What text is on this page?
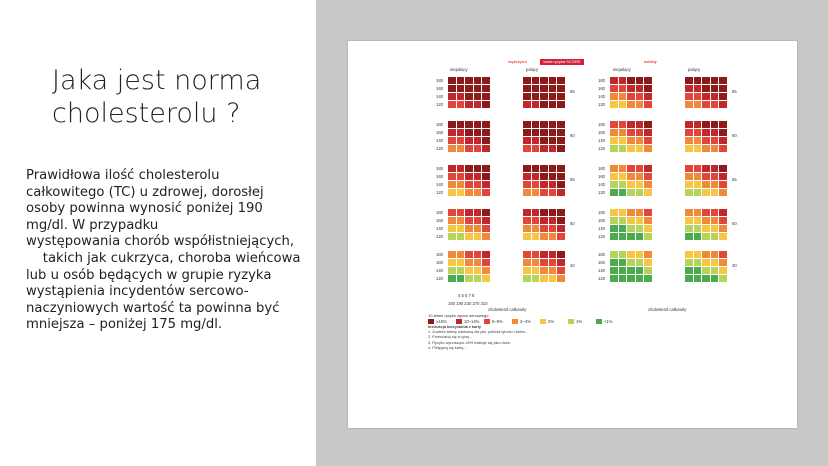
Jaka jest norma
cholesterolu ?
Prawidłowa ilość cholesterolu
całkowitego (TC) u zdrowej, dorosłej
osoby powinna wynosić poniżej 190
mg/dl. W przypadku
występowania chorób współistniejących,
takich jak cukrzyca, choroba wieńcowa
lub u osób będących w grupie ryzyka
wystąpienia incydentów sercowo-
naczyniowych wartość ta powinna być
mniejsza – poniżej 175 mg/dl.
mężczyźni	karta ryzyka SCORE	kobiety
niepalący	palący	niepalący	palący
65	65
180	180
160	160
140	140
120	120
60	60
180	180
160	160
140	140
120	120
55	55
180	180
160	160
140	140
120	120
50	50
180	180
160	160
140	140
120	120
40	40
180	180
160	160
140	140
120	120
4 5 6 7 8
150 190 230 270 310
cholesterol całkowity	cholesterol całkowity
10-letnie ryzyko zgonu sercowego
≥15%	10–14%	5–9%	3–4%	2%	1%	<1%
Instrukcja korzystania z karty
1. Znaleźć tabelę właściwą dla płci, palenia tytoniu i wieku...
2. Przeszacuj się w górę...
3. Ryzyko wynoszące ≥5% traktuje się jako duże.
4. Pielęgnuj się kartą...
